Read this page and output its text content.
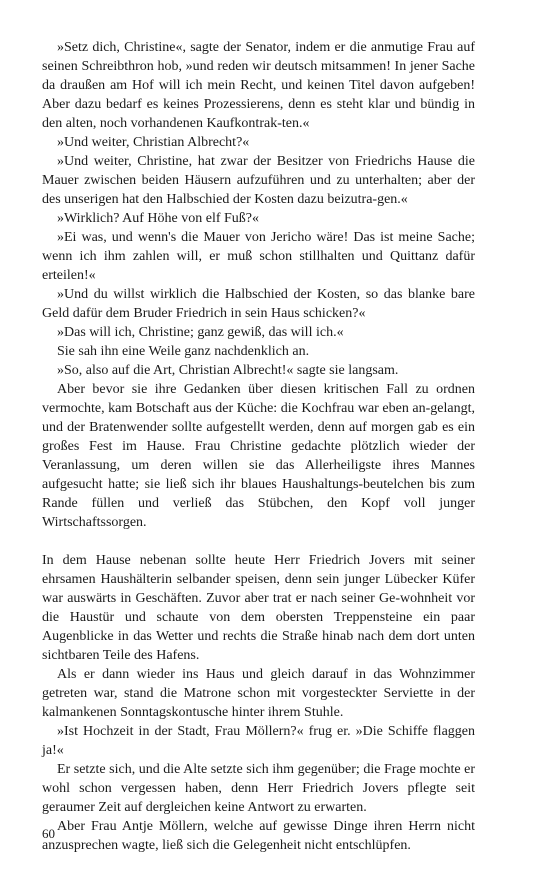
»Setz dich, Christine«, sagte der Senator, indem er die anmutige Frau auf seinen Schreibthron hob, »und reden wir deutsch mitsammen! In jener Sache da draußen am Hof will ich mein Recht, und keinen Titel davon aufgeben! Aber dazu bedarf es keines Prozessierens, denn es steht klar und bündig in den alten, noch vorhandenen Kaufkontrak-ten.«

»Und weiter, Christian Albrecht?«

»Und weiter, Christine, hat zwar der Besitzer von Friedrichs Hause die Mauer zwischen beiden Häusern aufzuführen und zu unterhalten; aber der des unserigen hat den Halbschied der Kosten dazu beizutra-gen.«

»Wirklich? Auf Höhe von elf Fuß?«

»Ei was, und wenn's die Mauer von Jericho wäre! Das ist meine Sache; wenn ich ihm zahlen will, er muß schon stillhalten und Quittanz dafür erteilen!«

»Und du willst wirklich die Halbschied der Kosten, so das blanke bare Geld dafür dem Bruder Friedrich in sein Haus schicken?«

»Das will ich, Christine; ganz gewiß, das will ich.«

Sie sah ihn eine Weile ganz nachdenklich an.

»So, also auf die Art, Christian Albrecht!« sagte sie langsam.

Aber bevor sie ihre Gedanken über diesen kritischen Fall zu ordnen vermochte, kam Botschaft aus der Küche: die Kochfrau war eben an-gelangt, und der Bratenwender sollte aufgestellt werden, denn auf morgen gab es ein großes Fest im Hause. Frau Christine gedachte plötzlich wieder der Veranlassung, um deren willen sie das Allerheiligste ihres Mannes aufgesucht hatte; sie ließ sich ihr blaues Haushaltungs-beutelchen bis zum Rande füllen und verließ das Stübchen, den Kopf voll junger Wirtschaftssorgen.

In dem Hause nebenan sollte heute Herr Friedrich Jovers mit seiner ehrsamen Haushälterin selbander speisen, denn sein junger Lübecker Küfer war auswärts in Geschäften. Zuvor aber trat er nach seiner Ge-wohnheit vor die Haustür und schaute von dem obersten Treppensteine ein paar Augenblicke in das Wetter und rechts die Straße hinab nach dem dort unten sichtbaren Teile des Hafens.

Als er dann wieder ins Haus und gleich darauf in das Wohnzimmer getreten war, stand die Matrone schon mit vorgesteckter Serviette in der kalmankenen Sonntagskontusche hinter ihrem Stuhle.

»Ist Hochzeit in der Stadt, Frau Möllern?« frug er. »Die Schiffe flaggen ja!«

Er setzte sich, und die Alte setzte sich ihm gegenüber; die Frage mochte er wohl schon vergessen haben, denn Herr Friedrich Jovers pflegte seit geraumer Zeit auf dergleichen keine Antwort zu erwarten.

Aber Frau Antje Möllern, welche auf gewisse Dinge ihren Herrn nicht anzusprechen wagte, ließ sich die Gelegenheit nicht entschlüpfen.

60
